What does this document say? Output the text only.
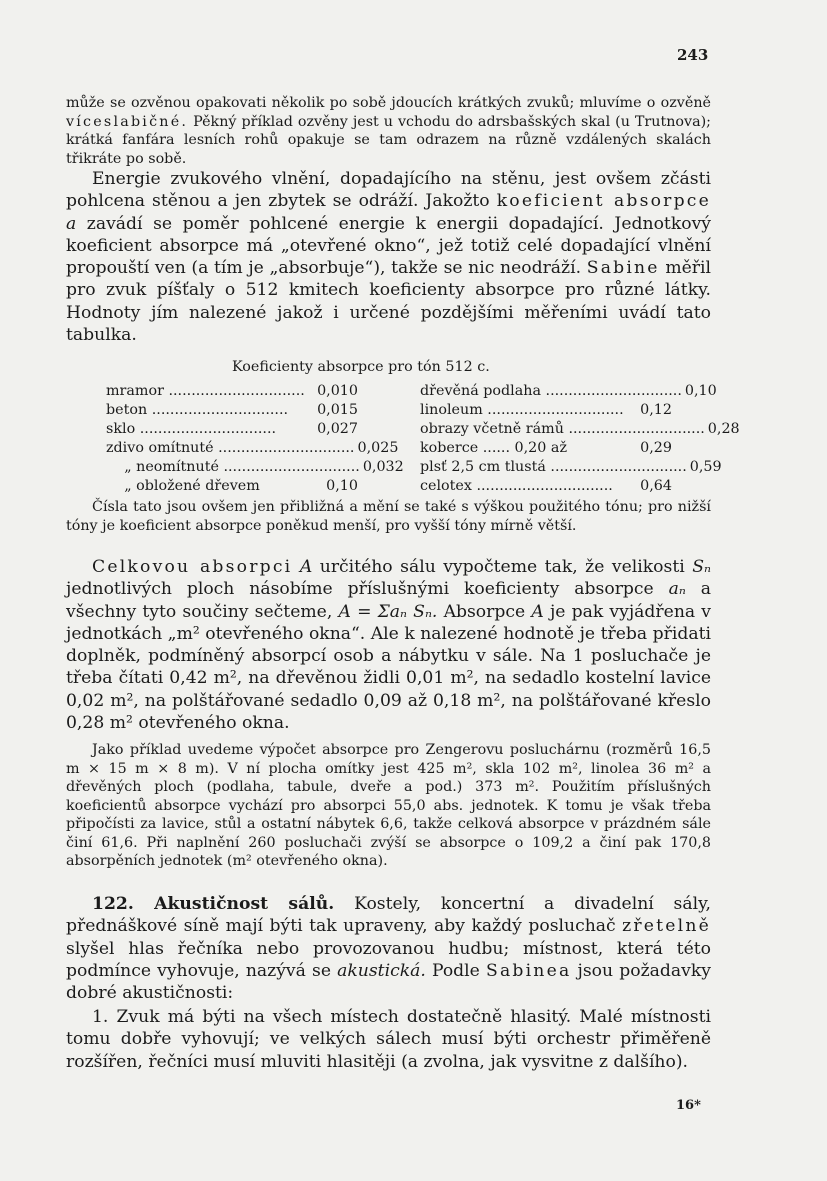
243

může se ozvěnou opakovati několik po sobě jdoucích krátkých zvuků; mluvíme o ozvěně víceslabičné. Pěkný příklad ozvěny jest u vchodu do adrsbašských skal (u Trutnova); krátká fanfára lesních rohů opakuje se tam odrazem na různě vzdálených skalách třikráte po sobě.

Energie zvukového vlnění, dopadajícího na stěnu, jest ovšem zčásti pohlcena stěnou a jen zbytek se odráží. Jakožto koeficient absorpce a zavádí se poměr pohlcené energie k energii dopadající. Jednotkový koeficient absorpce má „otevřené okno“, jež totiž celé dopadající vlnění propouští ven (a tím je „absorbuje“), takže se nic neodráží. Sabine měřil pro zvuk píšťaly o 512 kmitech koeficienty absorpce pro různé látky. Hodnoty jím nalezené jakož i určené pozdějšími měřeními uvádí tato tabulka.

Koeficienty absorpce pro tón 512 c.
mramor .............................. 0,010
beton ..............................	0,015
sklo ..............................	0,027
zdivo omítnuté .............................. 0,025
„ neomítnuté .............................. 0,032
„ obložené dřevem	0,10
dřevěná podlaha .............................. 0,10
linoleum ..............................	0,12
obrazy včetně rámů .............................. 0,28
koberce ...... 0,20 až	0,29
plsť 2,5 cm tlustá .............................. 0,59
celotex ..............................	0,64

Čísla tato jsou ovšem jen přibližná a mění se také s výškou použitého tónu; pro nižší tóny je koeficient absorpce poněkud menší, pro vyšší tóny mírně větší.

Celkovou absorpci A určitého sálu vypočteme tak, že velikosti Sₙ jednotlivých ploch násobíme příslušnými koeficienty absorpce aₙ a všechny tyto součiny sečteme, A = Σaₙ Sₙ. Absorpce A je pak vyjádřena v jednotkách „m² otevřeného okna“. Ale k nalezené hodnotě je třeba přidati doplněk, podmíněný absorpcí osob a nábytku v sále. Na 1 posluchače je třeba čítati 0,42 m², na dřevěnou židli 0,01 m², na sedadlo kostelní lavice 0,02 m², na polštářované sedadlo 0,09 až 0,18 m², na polštářované křeslo 0,28 m² otevřeného okna.

Jako příklad uvedeme výpočet absorpce pro Zengerovu posluchárnu (rozměrů 16,5 m × 15 m × 8 m). V ní plocha omítky jest 425 m², skla 102 m², linolea 36 m² a dřevěných ploch (podlaha, tabule, dveře a pod.) 373 m². Použitím příslušných koeficientů absorpce vychází pro absorpci 55,0 abs. jednotek. K tomu je však třeba připočísti za lavice, stůl a ostatní nábytek 6,6, takže celková absorpce v prázdném sále činí 61,6. Při naplnění 260 posluchači zvýší se absorpce o 109,2 a činí pak 170,8 absorpěních jednotek (m² otevřeného okna).

122. Akustičnost sálů. Kostely, koncertní a divadelní sály, přednáškové síně mají býti tak upraveny, aby každý posluchač zřetelně slyšel hlas řečníka nebo provozovanou hudbu; místnost, která této podmínce vyhovuje, nazývá se akustická. Podle Sabinea jsou požadavky dobré akustičnosti:

1. Zvuk má býti na všech místech dostatečně hlasitý. Malé místnosti tomu dobře vyhovují; ve velkých sálech musí býti orchestr přiměřeně rozšířen, řečníci musí mluviti hlasitěji (a zvolna, jak vysvitne z dalšího).

16*
